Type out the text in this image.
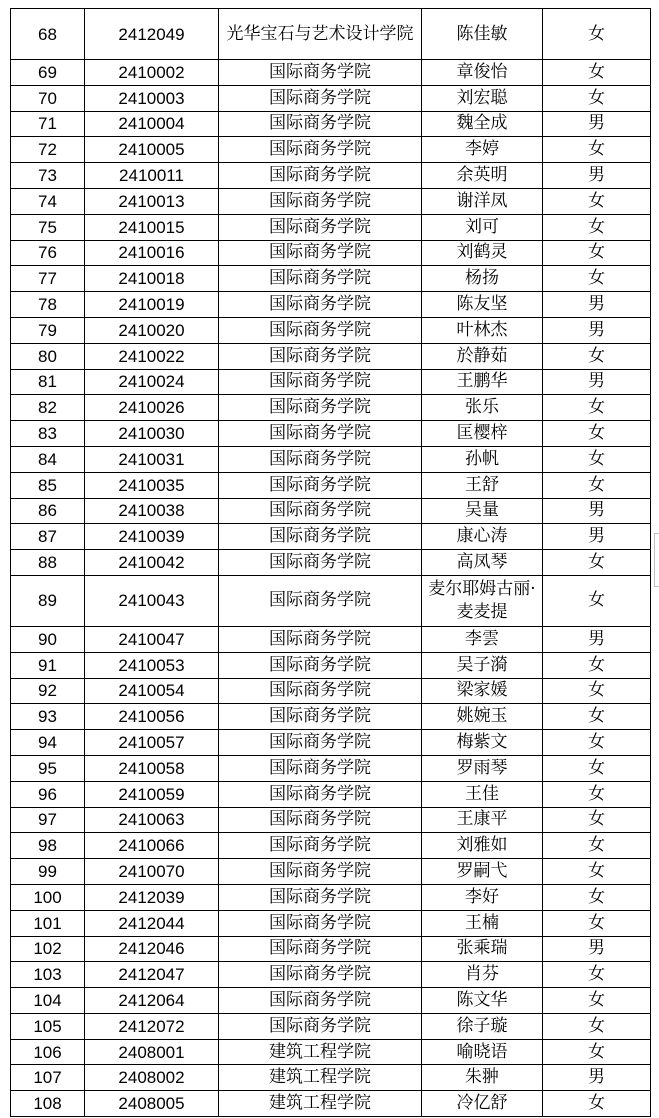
68	2412049	光华宝石与艺术设计学院	陈佳敏	女
69	2410002	国际商务学院	章俊怡	女
70	2410003	国际商务学院	刘宏聪	女
71	2410004	国际商务学院	魏全成	男
72	2410005	国际商务学院	李婷	女
73	2410011	国际商务学院	余英明	男
74	2410013	国际商务学院	谢洋凤	女
75	2410015	国际商务学院	刘可	女
76	2410016	国际商务学院	刘鹤灵	女
77	2410018	国际商务学院	杨扬	女
78	2410019	国际商务学院	陈友坚	男
79	2410020	国际商务学院	叶林杰	男
80	2410022	国际商务学院	於静茹	女
81	2410024	国际商务学院	王鹏华	男
82	2410026	国际商务学院	张乐	女
83	2410030	国际商务学院	匡樱梓	女
84	2410031	国际商务学院	孙帆	女
85	2410035	国际商务学院	王舒	女
86	2410038	国际商务学院	吴量	男
87	2410039	国际商务学院	康心涛	男
88	2410042	国际商务学院	高凤琴	女
89	2410043	国际商务学院	麦尔耶姆古丽·麦麦提	女
90	2410047	国际商务学院	李雲	男
91	2410053	国际商务学院	吴子漪	女
92	2410054	国际商务学院	梁家媛	女
93	2410056	国际商务学院	姚婉玉	女
94	2410057	国际商务学院	梅紫文	女
95	2410058	国际商务学院	罗雨琴	女
96	2410059	国际商务学院	王佳	女
97	2410063	国际商务学院	王康平	女
98	2410066	国际商务学院	刘雅如	女
99	2410070	国际商务学院	罗嗣弋	女
100	2412039	国际商务学院	李好	女
101	2412044	国际商务学院	王楠	女
102	2412046	国际商务学院	张乘瑞	男
103	2412047	国际商务学院	肖芬	女
104	2412064	国际商务学院	陈文华	女
105	2412072	国际商务学院	徐子璇	女
106	2408001	建筑工程学院	喻晓语	女
107	2408002	建筑工程学院	朱翀	男
108	2408005	建筑工程学院	冷亿舒	女
